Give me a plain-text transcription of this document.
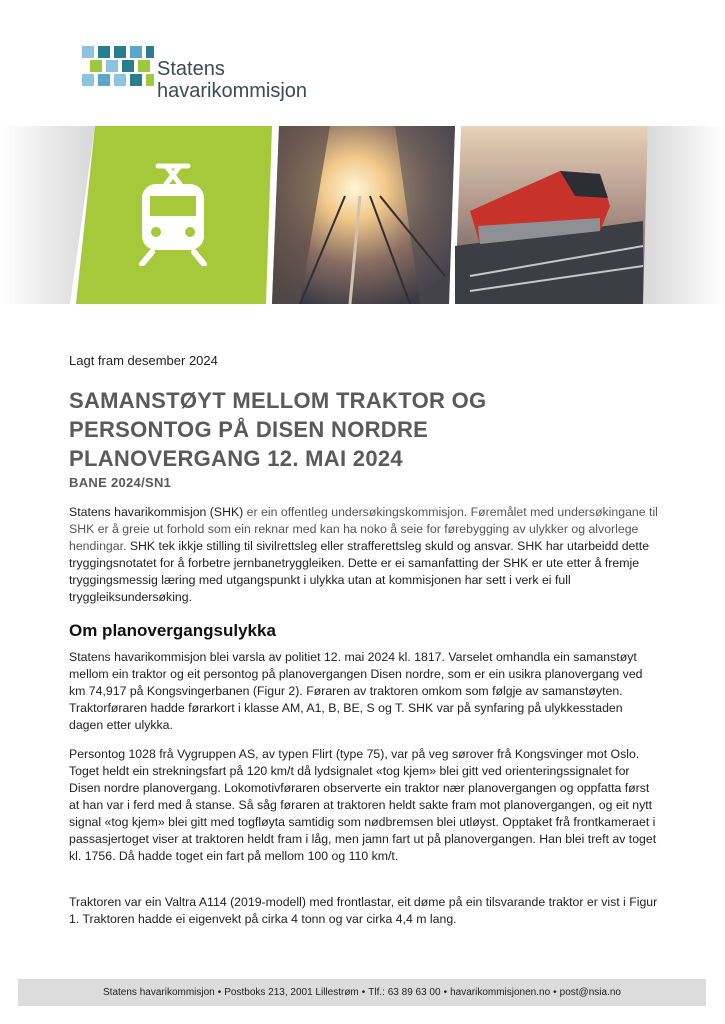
Statens
havarikommisjon
Lagt fram desember 2024
SAMANSTØYT MELLOM TRAKTOR OG
PERSONTOG PÅ DISEN NORDRE
PLANOVERGANG 12. MAI 2024
BANE 2024/SN1
Statens havarikommisjon (SHK) er ein offentleg undersøkingskommisjon. Føremålet med undersøkingane til SHK er å greie ut forhold som ein reknar med kan ha noko å seie for førebygging av ulykker og alvorlege hendingar. SHK tek ikkje stilling til sivilrettsleg eller strafferettsleg skuld og ansvar. SHK har utarbeidd dette tryggingsnotatet for å forbetre jernbanetryggleiken. Dette er ei samanfatting der SHK er ute etter å fremje tryggingsmessig læring med utgangspunkt i ulykka utan at kommisjonen har sett i verk ei full tryggleiksundersøking.
Om planovergangsulykka
Statens havarikommisjon blei varsla av politiet 12. mai 2024 kl. 1817. Varselet omhandla ein samanstøyt mellom ein traktor og eit persontog på planovergangen Disen nordre, som er ein usikra planovergang ved km 74,917 på Kongsvingerbanen (Figur 2). Føraren av traktoren omkom som følgje av samanstøyten. Traktorføraren hadde førarkort i klasse AM, A1, B, BE, S og T. SHK var på synfaring på ulykkesstaden dagen etter ulykka.
Persontog 1028 frå Vygruppen AS, av typen Flirt (type 75), var på veg sørover frå Kongsvinger mot Oslo. Toget heldt ein strekningsfart på 120 km/t då lydsignalet «tog kjem» blei gitt ved orienteringssignalet for Disen nordre planovergang. Lokomotivføraren observerte ein traktor nær planovergangen og oppfatta først at han var i ferd med å stanse. Så såg føraren at traktoren heldt sakte fram mot planovergangen, og eit nytt signal «tog kjem» blei gitt med togfløyta samtidig som nødbremsen blei utløyst. Opptaket frå frontkameraet i passasjertoget viser at traktoren heldt fram i låg, men jamn fart ut på planovergangen. Han blei treft av toget kl. 1756. Då hadde toget ein fart på mellom 100 og 110 km/t.
Traktoren var ein Valtra A114 (2019-modell) med frontlastar, eit døme på ein tilsvarande traktor er vist i Figur 1. Traktoren hadde ei eigenvekt på cirka 4 tonn og var cirka 4,4 m lang.
Statens havarikommisjon • Postboks 213, 2001 Lillestrøm • Tlf.: 63 89 63 00 • havarikommisjonen.no • post@nsia.no
